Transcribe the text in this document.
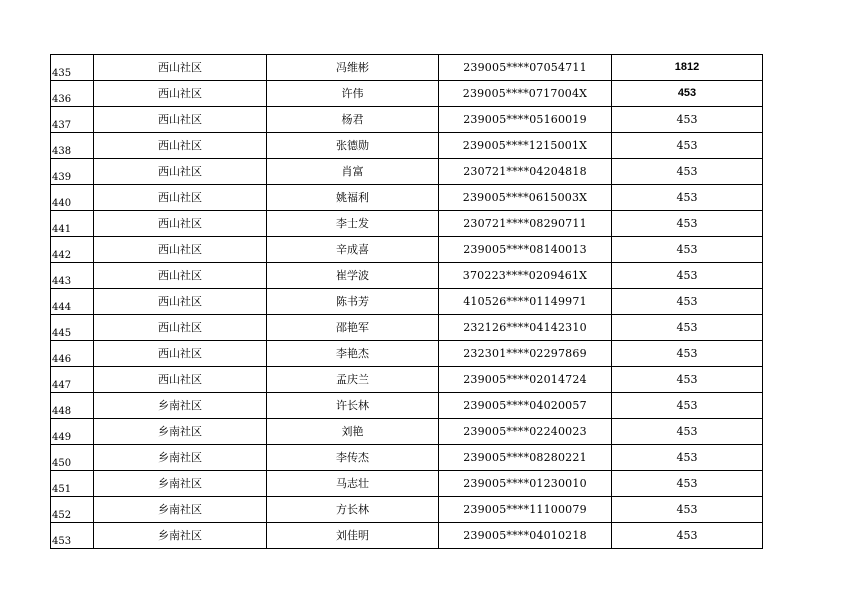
435	西山社区	冯维彬	239005****07054711	1812
436	西山社区	许伟	239005****0717004X	453
437	西山社区	杨君	239005****05160019	453
438	西山社区	张德勋	239005****1215001X	453
439	西山社区	肖富	230721****04204818	453
440	西山社区	姚福利	239005****0615003X	453
441	西山社区	李士发	230721****08290711	453
442	西山社区	辛成喜	239005****08140013	453
443	西山社区	崔学波	370223****0209461X	453
444	西山社区	陈书芳	410526****01149971	453
445	西山社区	邵艳军	232126****04142310	453
446	西山社区	李艳杰	232301****02297869	453
447	西山社区	孟庆兰	239005****02014724	453
448	乡南社区	许长林	239005****04020057	453
449	乡南社区	刘艳	239005****02240023	453
450	乡南社区	李传杰	239005****08280221	453
451	乡南社区	马志壮	239005****01230010	453
452	乡南社区	方长林	239005****11100079	453
453	乡南社区	刘佳明	239005****04010218	453
